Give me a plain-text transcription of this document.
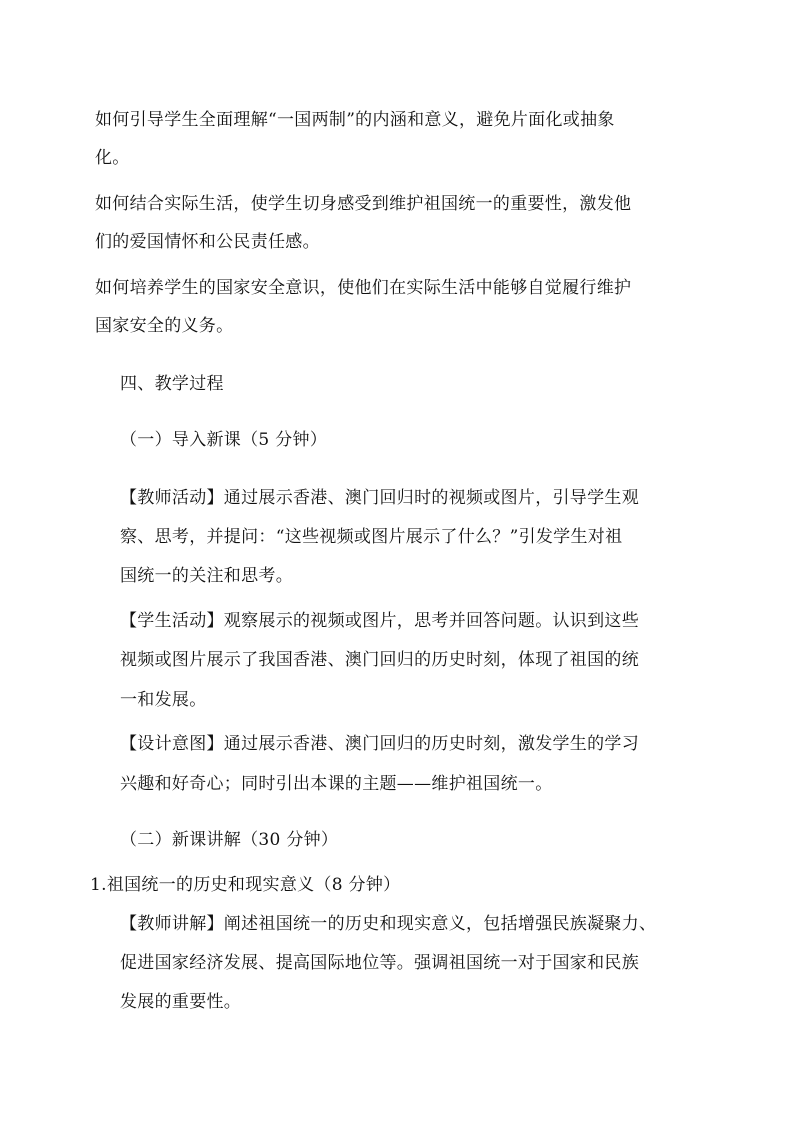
如何引导学生全面理解“一国两制”的内涵和意义，避免片面化或抽象
化。
如何结合实际生活，使学生切身感受到维护祖国统一的重要性，激发他
们的爱国情怀和公民责任感。
如何培养学生的国家安全意识，使他们在实际生活中能够自觉履行维护
国家安全的义务。
四、教学过程
（一）导入新课（5 分钟）
【教师活动】通过展示香港、澳门回归时的视频或图片，引导学生观
察、思考，并提问：“这些视频或图片展示了什么？”引发学生对祖
国统一的关注和思考。
【学生活动】观察展示的视频或图片，思考并回答问题。认识到这些
视频或图片展示了我国香港、澳门回归的历史时刻，体现了祖国的统
一和发展。
【设计意图】通过展示香港、澳门回归的历史时刻，激发学生的学习
兴趣和好奇心；同时引出本课的主题——维护祖国统一。
（二）新课讲解（30 分钟）
1.祖国统一的历史和现实意义（8 分钟）
【教师讲解】阐述祖国统一的历史和现实意义，包括增强民族凝聚力、
促进国家经济发展、提高国际地位等。强调祖国统一对于国家和民族
发展的重要性。
